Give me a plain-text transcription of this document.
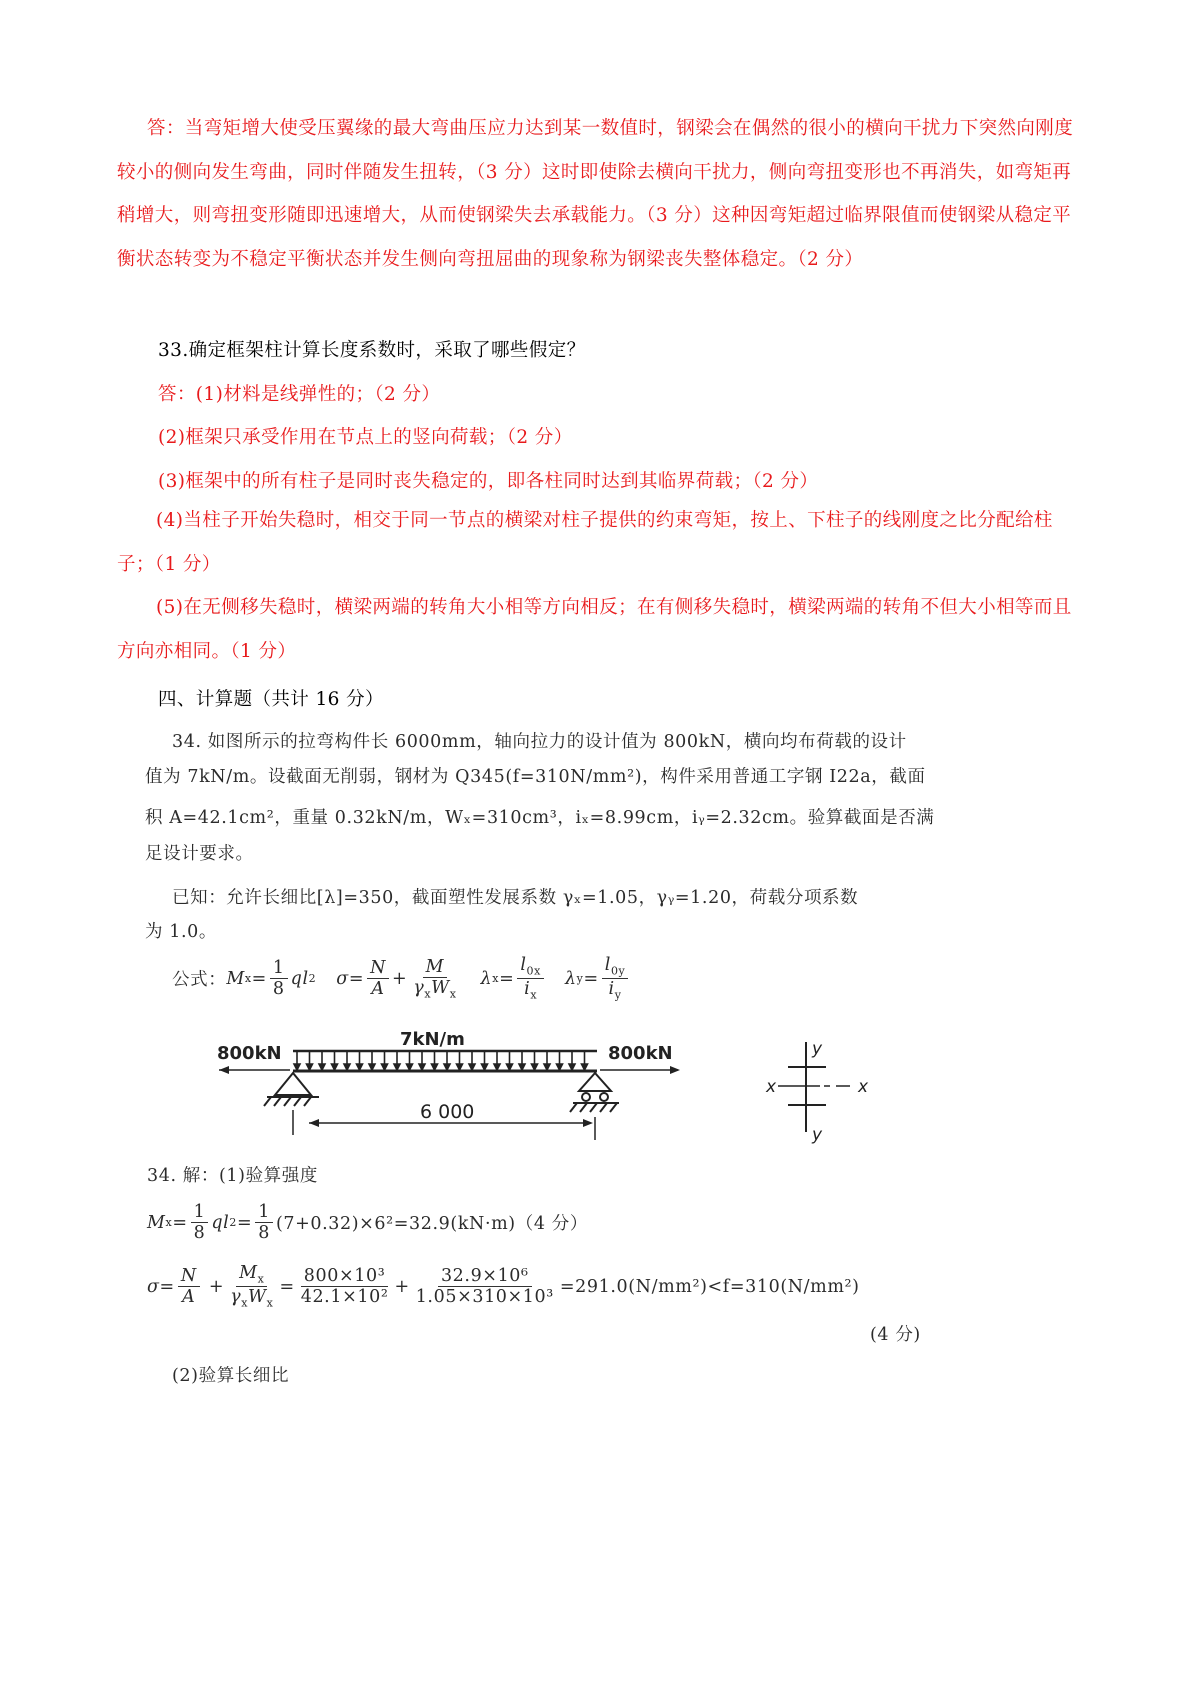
答：当弯矩增大使受压翼缘的最大弯曲压应力达到某一数值时，钢梁会在偶然的很小的横向干扰力下突然向刚度较小的侧向发生弯曲，同时伴随发生扭转，（3 分）这时即使除去横向干扰力，侧向弯扭变形也不再消失，如弯矩再稍增大，则弯扭变形随即迅速增大，从而使钢梁失去承载能力。（3 分）这种因弯矩超过临界限值而使钢梁从稳定平衡状态转变为不稳定平衡状态并发生侧向弯扭屈曲的现象称为钢梁丧失整体稳定。（2 分）
33.确定框架柱计算长度系数时，采取了哪些假定？
答：(1)材料是线弹性的；（2 分）
(2)框架只承受作用在节点上的竖向荷载；（2 分）
(3)框架中的所有柱子是同时丧失稳定的，即各柱同时达到其临界荷载；（2 分）
(4)当柱子开始失稳时，相交于同一节点的横梁对柱子提供的约束弯矩，按上、下柱子的线刚度之比分配给柱子；（1 分）
(5)在无侧移失稳时，横梁两端的转角大小相等方向相反；在有侧移失稳时，横梁两端的转角不但大小相等而且方向亦相同。（1 分）
四、计算题（共计 16 分）
34. 如图所示的拉弯构件长 6000mm，轴向拉力的设计值为 800kN，横向均布荷载的设计
值为 7kN/m。设截面无削弱，钢材为 Q345(f=310N/mm²)，构件采用普通工字钢 I22a，截面
积 A=42.1cm²，重量 0.32kN/m，Wₓ=310cm³，iₓ=8.99cm，iᵧ=2.32cm。验算截面是否满
足设计要求。
已知：允许长细比[λ]=350，截面塑性发展系数 γₓ=1.05，γᵧ=1.20，荷载分项系数
为 1.0。
公式： M $x = \frac{1}{8}$ ql 2 $\sigma = \frac{N}{A} + \frac{M}{\gamma_xW_x}$ λ $x = \frac{l_{0x}}{i_x}$ λ $y = \frac{l_{0y}}{i_y}$
7kN/m
800kN	800kN
6 000
x	x
y
y
34. 解：(1)验算强度
M $x = \frac{1}{8}$ ql $2 = \frac{1}{8} (7+0.32)\times 6^2=32.9(kN\cdot m)(4$ 分）
$\sigma = \frac{N}{A} + \frac{M_x}{\gamma_xW_x} = \frac{\text{800×10³}}{\text{42.1×10²}} + \frac{\text{32.9×10⁶}}{\text{1.05×310×10³}} =291.0(N/mm^2)<f=310(N/mm^2)$
(4 分)
(2)验算长细比
